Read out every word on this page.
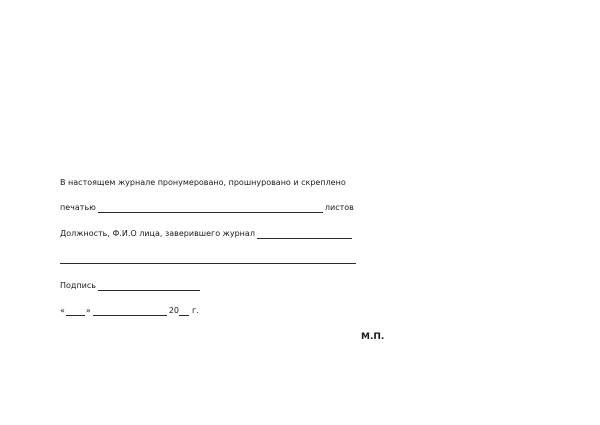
В настоящем журнале пронумеровано, прошнуровано и скреплено
печатью	листов
Должность, Ф.И.О лица, заверившего журнал
Подпись
«	»	20 г.
М.П.
